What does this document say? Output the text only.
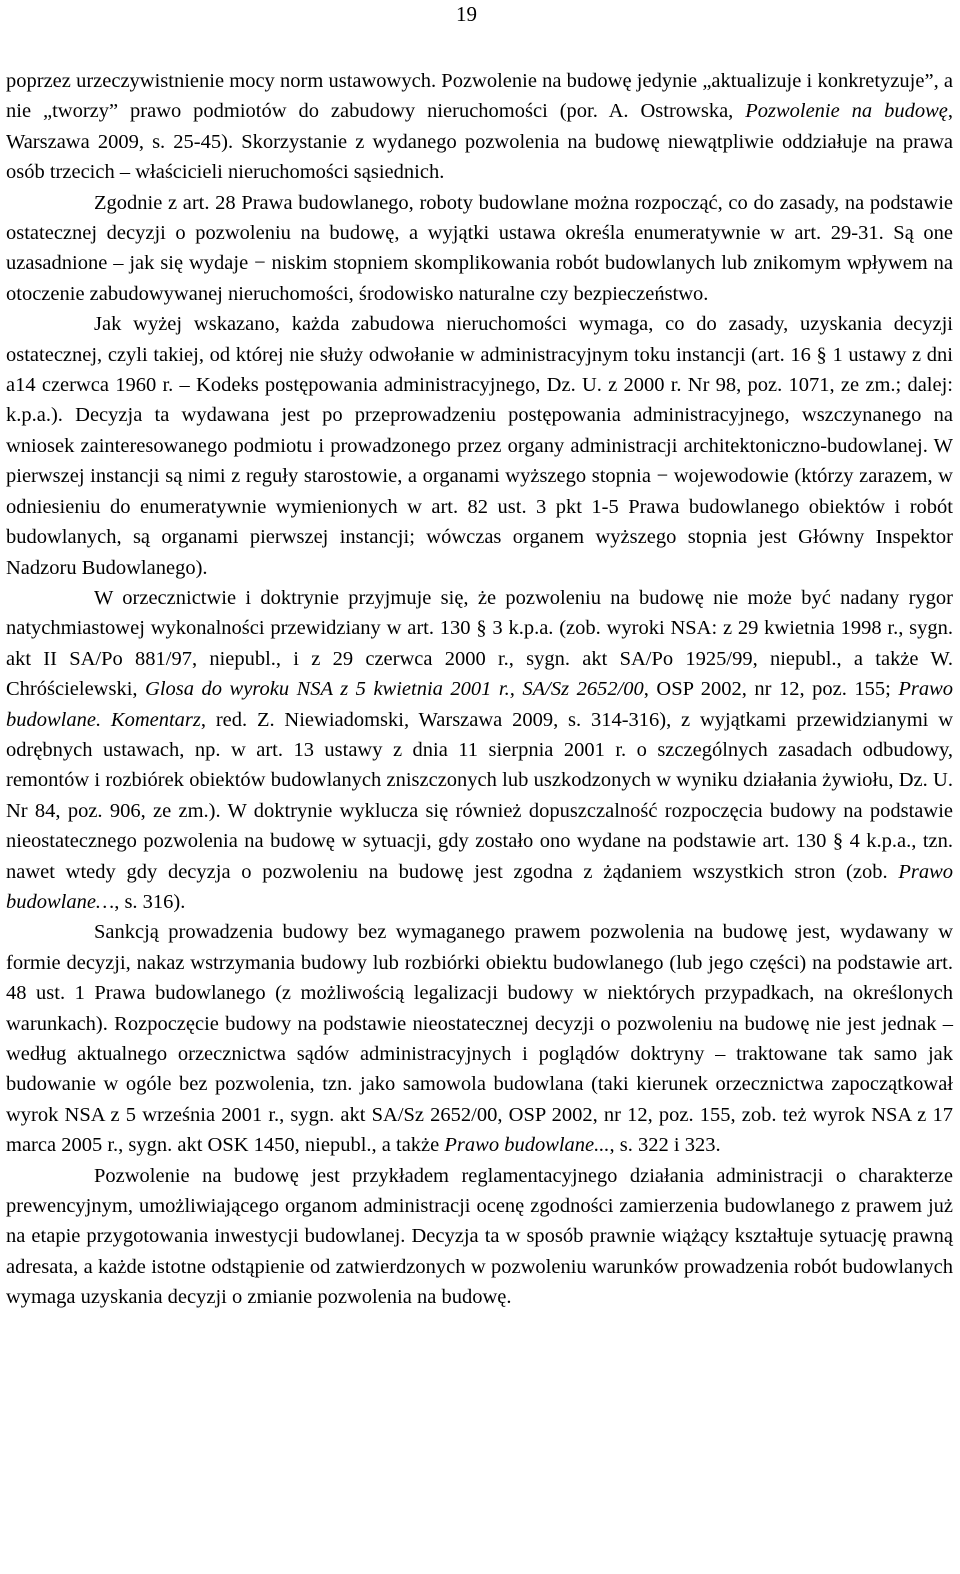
19

poprzez urzeczywistnienie mocy norm ustawowych. Pozwolenie na budowę jedynie „aktualizuje i konkretyzuje”, a nie „tworzy” prawo podmiotów do zabudowy nieruchomości (por. A. Ostrowska, Pozwolenie na budowę, Warszawa 2009, s. 25-45). Skorzystanie z wydanego pozwolenia na budowę niewątpliwie oddziałuje na prawa osób trzecich – właścicieli nieruchomości sąsiednich.

Zgodnie z art. 28 Prawa budowlanego, roboty budowlane można rozpocząć, co do zasady, na podstawie ostatecznej decyzji o pozwoleniu na budowę, a wyjątki ustawa określa enumeratywnie w art. 29-31. Są one uzasadnione – jak się wydaje − niskim stopniem skomplikowania robót budowlanych lub znikomym wpływem na otoczenie zabudowywanej nieruchomości, środowisko naturalne czy bezpieczeństwo.

Jak wyżej wskazano, każda zabudowa nieruchomości wymaga, co do zasady, uzyskania decyzji ostatecznej, czyli takiej, od której nie służy odwołanie w administracyjnym toku instancji (art. 16 § 1 ustawy z dni a14 czerwca 1960 r. – Kodeks postępowania administracyjnego, Dz. U. z 2000 r. Nr 98, poz. 1071, ze zm.; dalej: k.p.a.). Decyzja ta wydawana jest po przeprowadzeniu postępowania administracyjnego, wszczynanego na wniosek zainteresowanego podmiotu i prowadzonego przez organy administracji architektoniczno-budowlanej. W pierwszej instancji są nimi z reguły starostowie, a organami wyższego stopnia − wojewodowie (którzy zarazem, w odniesieniu do enumeratywnie wymienionych w art. 82 ust. 3 pkt 1-5 Prawa budowlanego obiektów i robót budowlanych, są organami pierwszej instancji; wówczas organem wyższego stopnia jest Główny Inspektor Nadzoru Budowlanego).

W orzecznictwie i doktrynie przyjmuje się, że pozwoleniu na budowę nie może być nadany rygor natychmiastowej wykonalności przewidziany w art. 130 § 3 k.p.a. (zob. wyroki NSA: z 29 kwietnia 1998 r., sygn. akt II SA/Po 881/97, niepubl., i z 29 czerwca 2000 r., sygn. akt SA/Po 1925/99, niepubl., a także W. Chróścielewski, Glosa do wyroku NSA z 5 kwietnia 2001 r., SA/Sz 2652/00, OSP 2002, nr 12, poz. 155; Prawo budowlane. Komentarz, red. Z. Niewiadomski, Warszawa 2009, s. 314-316), z wyjątkami przewidzianymi w odrębnych ustawach, np. w art. 13 ustawy z dnia 11 sierpnia 2001 r. o szczególnych zasadach odbudowy, remontów i rozbiórek obiektów budowlanych zniszczonych lub uszkodzonych w wyniku działania żywiołu, Dz. U. Nr 84, poz. 906, ze zm.). W doktrynie wyklucza się również dopuszczalność rozpoczęcia budowy na podstawie nieostatecznego pozwolenia na budowę w sytuacji, gdy zostało ono wydane na podstawie art. 130 § 4 k.p.a., tzn. nawet wtedy gdy decyzja o pozwoleniu na budowę jest zgodna z żądaniem wszystkich stron (zob. Prawo budowlane…, s. 316).

Sankcją prowadzenia budowy bez wymaganego prawem pozwolenia na budowę jest, wydawany w formie decyzji, nakaz wstrzymania budowy lub rozbiórki obiektu budowlanego (lub jego części) na podstawie art. 48 ust. 1 Prawa budowlanego (z możliwością legalizacji budowy w niektórych przypadkach, na określonych warunkach). Rozpoczęcie budowy na podstawie nieostatecznej decyzji o pozwoleniu na budowę nie jest jednak – według aktualnego orzecznictwa sądów administracyjnych i poglądów doktryny – traktowane tak samo jak budowanie w ogóle bez pozwolenia, tzn. jako samowola budowlana (taki kierunek orzecznictwa zapoczątkował wyrok NSA z 5 września 2001 r., sygn. akt SA/Sz 2652/00, OSP 2002, nr 12, poz. 155, zob. też wyrok NSA z 17 marca 2005 r., sygn. akt OSK 1450, niepubl., a także Prawo budowlane..., s. 322 i 323.

Pozwolenie na budowę jest przykładem reglamentacyjnego działania administracji o charakterze prewencyjnym, umożliwiającego organom administracji ocenę zgodności zamierzenia budowlanego z prawem już na etapie przygotowania inwestycji budowlanej. Decyzja ta w sposób prawnie wiążący kształtuje sytuację prawną adresata, a każde istotne odstąpienie od zatwierdzonych w pozwoleniu warunków prowadzenia robót budowlanych wymaga uzyskania decyzji o zmianie pozwolenia na budowę.
